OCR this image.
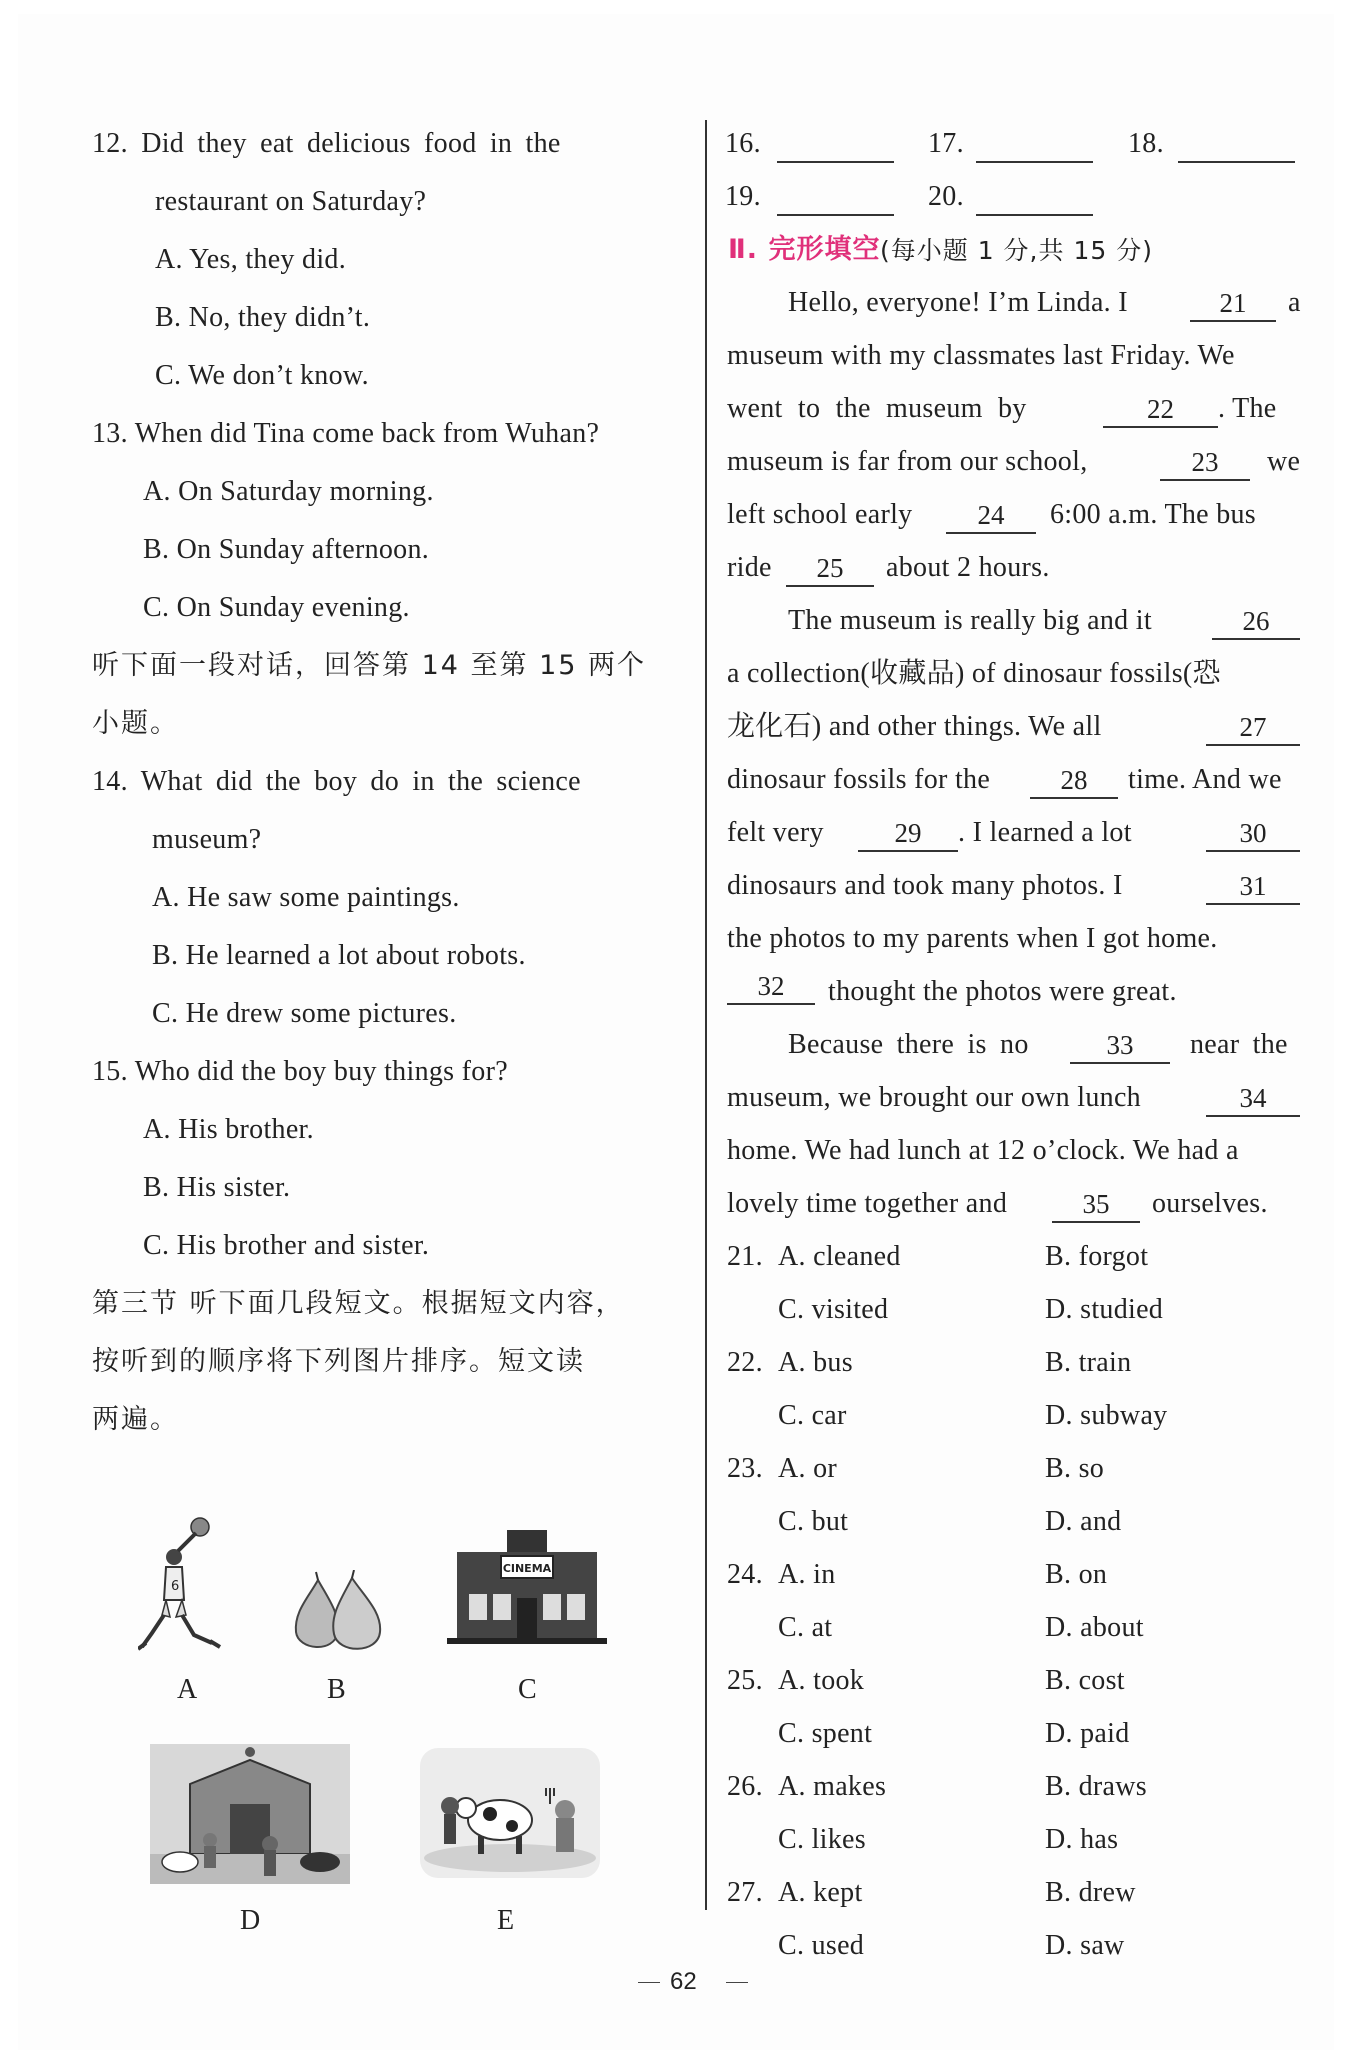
12. Did they eat delicious food in the
restaurant on Saturday?
A. Yes, they did.
B. No, they didn’t.
C. We don’t know.
13. When did Tina come back from Wuhan?
A. On Saturday morning.
B. On Sunday afternoon.
C. On Sunday evening.
听下面一段对话，回答第 14 至第 15 两个
小题。
14. What did the boy do in the science
museum?
A. He saw some paintings.
B. He learned a lot about robots.
C. He drew some pictures.
15. Who did the boy buy things for?
A. His brother.
B. His sister.
C. His brother and sister.
第三节 听下面几段短文。根据短文内容，
按听到的顺序将下列图片排序。短文读
两遍。
6
A	B
CINEMA
C
D	E
16.	17.	18.
19.	20.
Ⅱ. 完形填空 (每小题 1 分,共 15 分)
Hello, everyone! I’m Linda. I	21	a
museum with my classmates last Friday. We
went to the museum by	22	. The
museum is far from our school,	23	we
left school early	24	6:00 a.m. The bus
ride	25	about 2 hours.
The museum is really big and it	26
a collection(收藏品) of dinosaur fossils(恐
龙化石) and other things. We all	27
dinosaur fossils for the	28	time. And we
felt very	29	. I learned a lot	30
dinosaurs and took many photos. I	31
the photos to my parents when I got home.
32	thought the photos were great.
Because there is no	33	near the
museum, we brought our own lunch	34
home. We had lunch at 12 o’clock. We had a
lovely time together and	35	ourselves.
21. A. cleaned	B. forgot
C. visited	D. studied
22. A. bus	B. train
C. car	D. subway
23. A. or	B. so
C. but	D. and
24. A. in	B. on
C. at	D. about
25. A. took	B. cost
C. spent	D. paid
26. A. makes	B. draws
C. likes	D. has
27. A. kept	B. drew
C. used	D. saw
62
